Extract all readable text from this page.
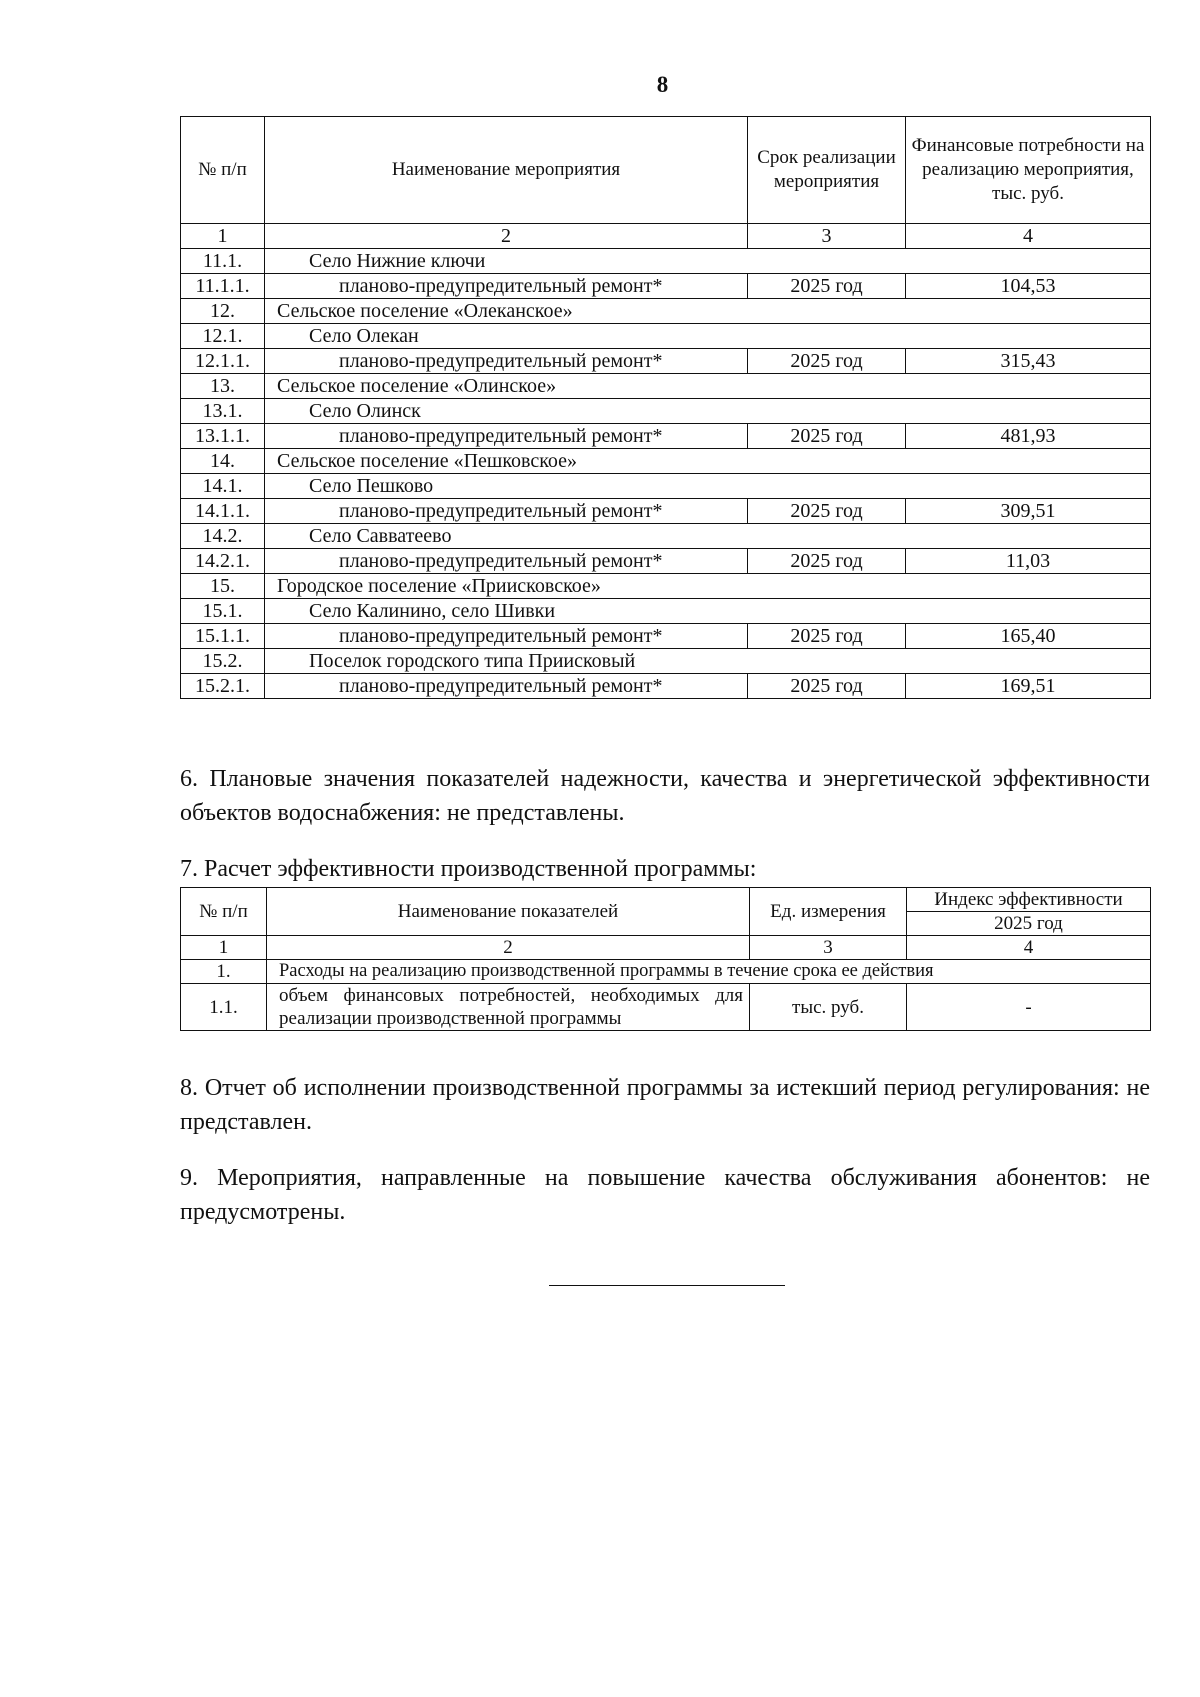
8
№ п/п	Наименование мероприятия	Срок реализации мероприятия	Финансовые потребности на реализацию мероприятия, тыс. руб.
1	2	3	4
11.1.	Село Нижние ключи		
11.1.1.	планово-предупредительный ремонт*	2025 год	104,53
12.	Сельское поселение «Олеканское»		
12.1.	Село Олекан		
12.1.1.	планово-предупредительный ремонт*	2025 год	315,43
13.	Сельское поселение «Олинское»		
13.1.	Село Олинск		
13.1.1.	планово-предупредительный ремонт*	2025 год	481,93
14.	Сельское поселение «Пешковское»		
14.1.	Село Пешково		
14.1.1.	планово-предупредительный ремонт*	2025 год	309,51
14.2.	Село Савватеево		
14.2.1.	планово-предупредительный ремонт*	2025 год	11,03
15.	Городское поселение «Приисковское»		
15.1.	Село Калинино, село Шивки		
15.1.1.	планово-предупредительный ремонт*	2025 год	165,40
15.2.	Поселок городского типа Приисковый		
15.2.1.	планово-предупредительный ремонт*	2025 год	169,51
6. Плановые значения показателей надежности, качества и энергетической эффективности объектов водоснабжения: не представлены.
7. Расчет эффективности производственной программы:
№ п/п	Наименование показателей	Ед. измерения	Индекс эффективности
			2025 год
1	2	3	4
1.	Расходы на реализацию производственной программы в течение срока ее действия		
1.1.	объем финансовых потребностей, необходимых для реализации производственной программы	тыс. руб.	-
8. Отчет об исполнении производственной программы за истекший период регулирования: не представлен.
9. Мероприятия, направленные на повышение качества обслуживания абонентов: не предусмотрены.
